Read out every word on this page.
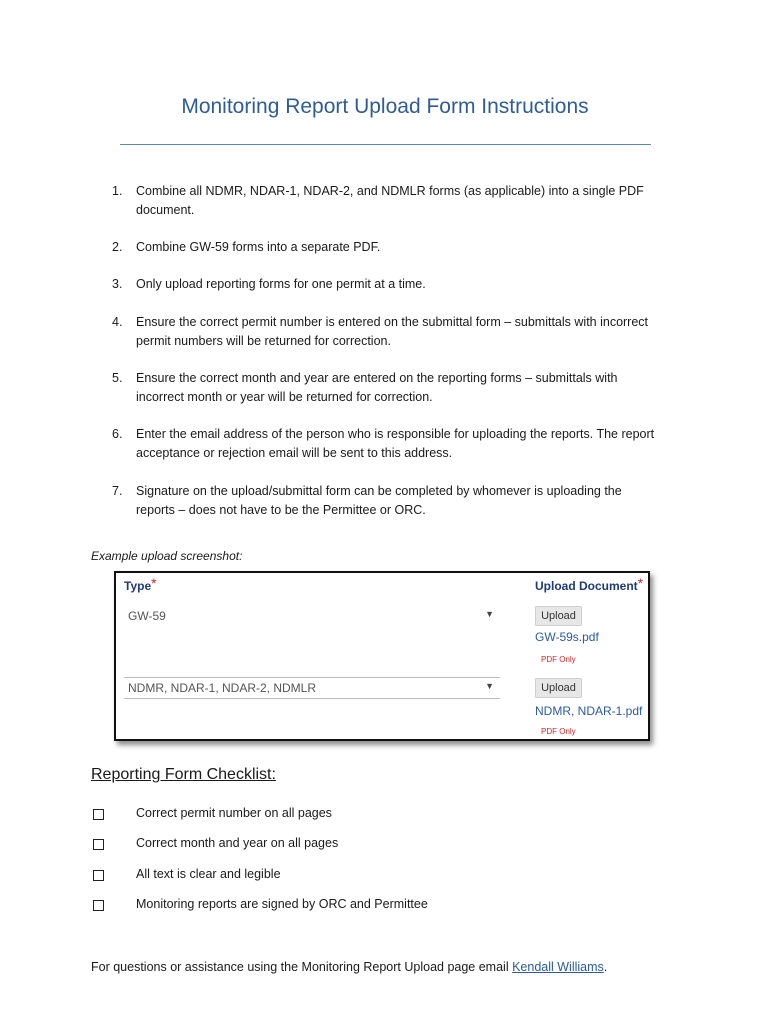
Monitoring Report Upload Form Instructions
1. Combine all NDMR, NDAR-1, NDAR-2, and NDMLR forms (as applicable) into a single PDF
document.
2. Combine GW-59 forms into a separate PDF.
3. Only upload reporting forms for one permit at a time.
4. Ensure the correct permit number is entered on the submittal form – submittals with incorrect
permit numbers will be returned for correction.
5. Ensure the correct month and year are entered on the reporting forms – submittals with
incorrect month or year will be returned for correction.
6. Enter the email address of the person who is responsible for uploading the reports. The report
acceptance or rejection email will be sent to this address.
7. Signature on the upload/submittal form can be completed by whomever is uploading the
reports – does not have to be the Permittee or ORC.
Example upload screenshot:
Type*	Upload Document*
GW-59	▼	Upload
GW-59s.pdf
PDF Only
NDMR, NDAR-1, NDAR-2, NDMLR	▼	Upload
NDMR, NDAR-1.pdf
PDF Only
Reporting Form Checklist:
Correct permit number on all pages
Correct month and year on all pages
All text is clear and legible
Monitoring reports are signed by ORC and Permittee
For questions or assistance using the Monitoring Report Upload page email Kendall Williams.
